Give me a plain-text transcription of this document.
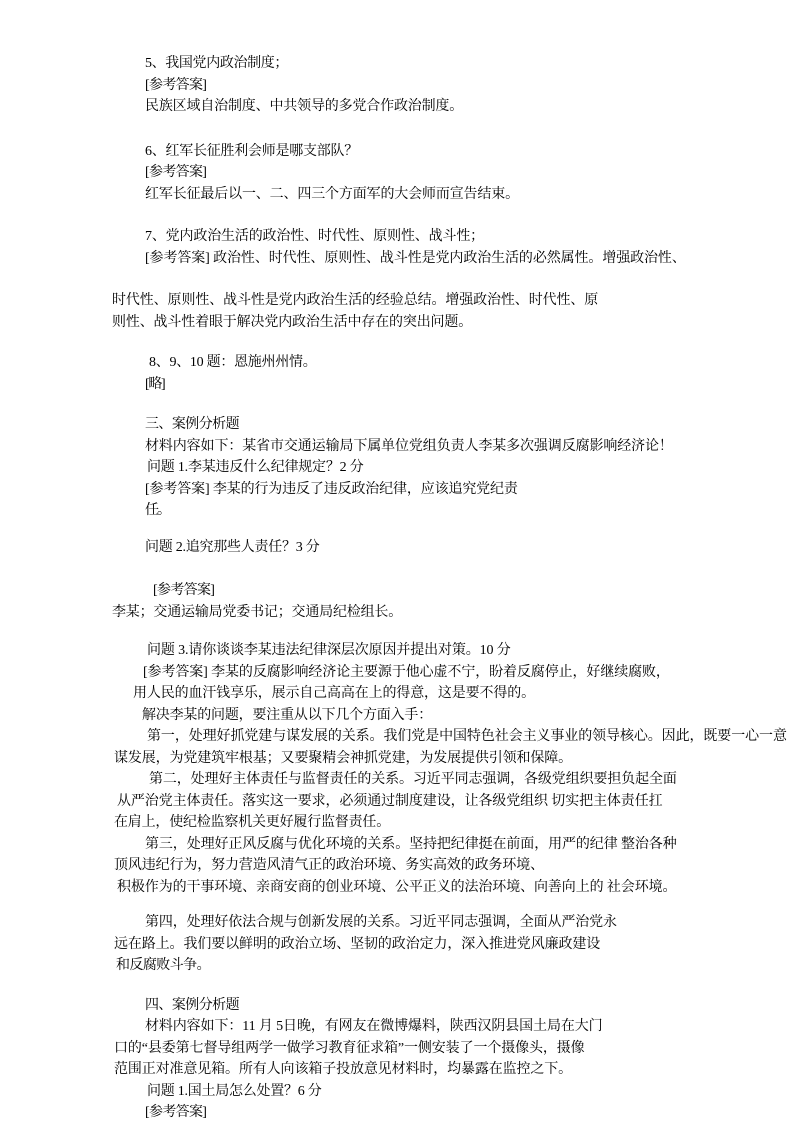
5、我国党内政治制度；
[参考答案]
民族区域自治制度、中共领导的多党合作政治制度。
6、红军长征胜利会师是哪支部队？
[参考答案]
红军长征最后以一、二、四三个方面军的大会师而宣告结束。
7、党内政治生活的政治性、时代性、原则性、战斗性；
[参考答案] 政治性、时代性、原则性、战斗性是党内政治生活的必然属性。增强政治性、
时代性、原则性、战斗性是党内政治生活的经验总结。增强政治性、时代性、原
则性、战斗性着眼于解决党内政治生活中存在的突出问题。
8、9、10 题：恩施州州情。
[略]
三、案例分析题
材料内容如下：某省市交通运输局下属单位党组负责人李某多次强调反腐影响经济论！
问题 1.李某违反什么纪律规定？2 分
[参考答案] 李某的行为违反了违反政治纪律，应该追究党纪责
任。
问题 2.追究那些人责任？3 分
[参考答案]
李某；交通运输局党委书记；交通局纪检组长。
问题 3.请你谈谈李某违法纪律深层次原因并提出对策。10 分
[参考答案] 李某的反腐影响经济论主要源于他心虚不宁，盼着反腐停止，好继续腐败，
用人民的血汗钱享乐，展示自己高高在上的得意，这是要不得的。
解决李某的问题，要注重从以下几个方面入手：
第一，处理好抓党建与谋发展的关系。我们党是中国特色社会主义事业的领导核心。因此，既要一心一意
谋发展，为党建筑牢根基；又要聚精会神抓党建，为发展提供引领和保障。
第二，处理好主体责任与监督责任的关系。习近平同志强调，各级党组织要担负起全面
从严治党主体责任。落实这一要求，必须通过制度建设，让各级党组织 切实把主体责任扛
在肩上，使纪检监察机关更好履行监督责任。
第三，处理好正风反腐与优化环境的关系。坚持把纪律挺在前面，用严的纪律 整治各种
顶风违纪行为，努力营造风清气正的政治环境、务实高效的政务环境、
积极作为的干事环境、亲商安商的创业环境、公平正义的法治环境、向善向上的 社会环境。
第四，处理好依法合规与创新发展的关系。习近平同志强调，全面从严治党永
远在路上。我们要以鲜明的政治立场、坚韧的政治定力，深入推进党风廉政建设
和反腐败斗争。
四、案例分析题
材料内容如下：11 月 5日晚，有网友在微博爆料，陕西汉阴县国土局在大门
口的“县委第七督导组两学一做学习教育征求箱”一侧安装了一个摄像头，摄像
范围正对准意见箱。所有人向该箱子投放意见材料时，均暴露在监控之下。
问题 1.国土局怎么处置？6 分
[参考答案]
